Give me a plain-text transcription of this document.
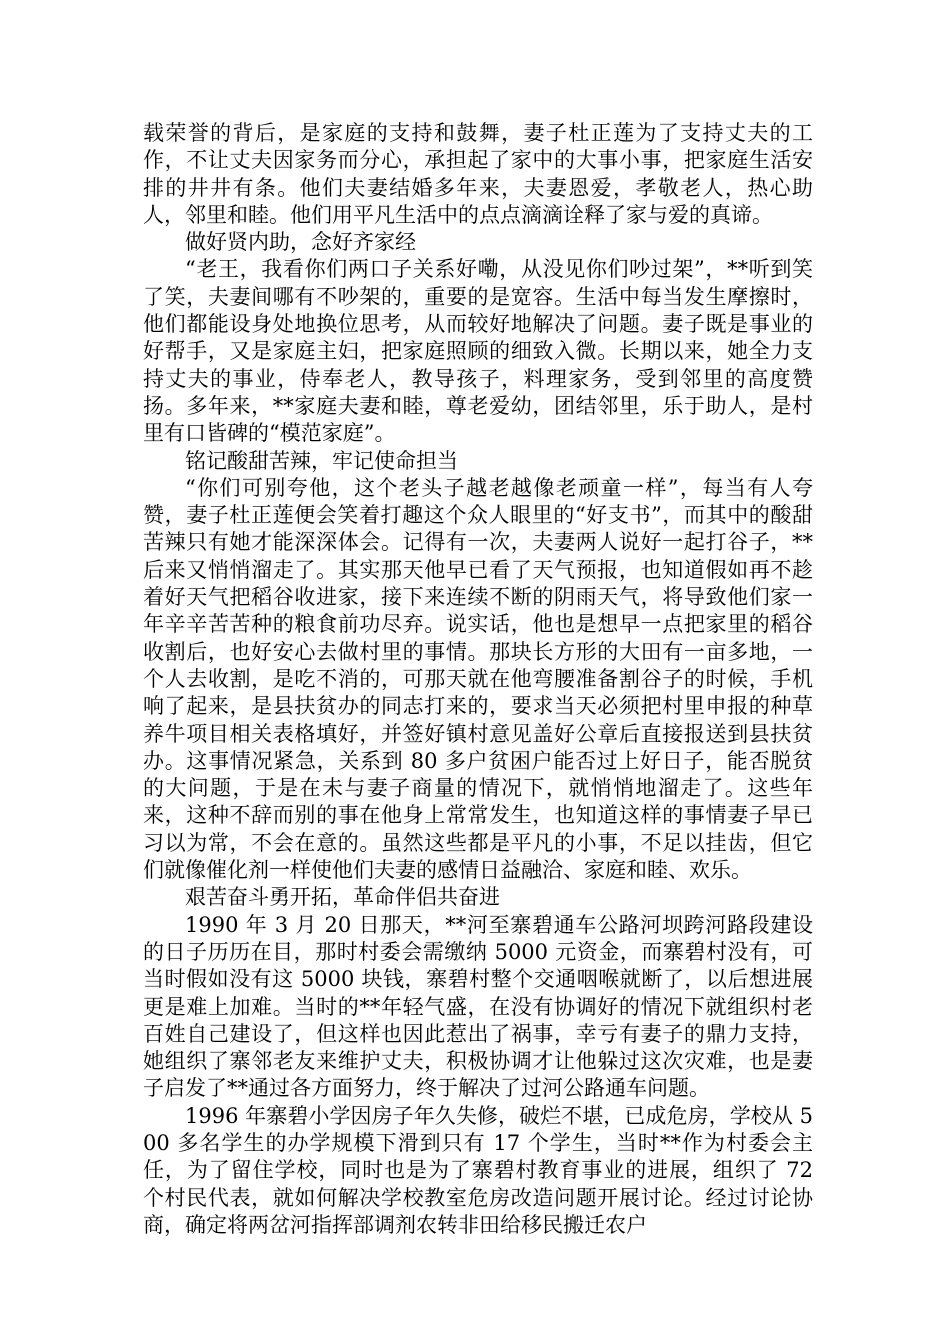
载荣誉的背后，是家庭的支持和鼓舞，妻子杜正莲为了支持丈夫的工作，不让丈夫因家务而分心，承担起了家中的大事小事，把家庭生活安排的井井有条。他们夫妻结婚多年来，夫妻恩爱，孝敬老人，热心助人，邻里和睦。他们用平凡生活中的点点滴滴诠释了家与爱的真谛。

做好贤内助，念好齐家经

“老王，我看你们两口子关系好嘞，从没见你们吵过架”，**听到笑了笑，夫妻间哪有不吵架的，重要的是宽容。生活中每当发生摩擦时，他们都能设身处地换位思考，从而较好地解决了问题。妻子既是事业的好帮手，又是家庭主妇，把家庭照顾的细致入微。长期以来，她全力支持丈夫的事业，侍奉老人，教导孩子，料理家务，受到邻里的高度赞扬。多年来，**家庭夫妻和睦，尊老爱幼，团结邻里，乐于助人，是村里有口皆碑的“模范家庭”。

铭记酸甜苦辣，牢记使命担当

“你们可别夸他，这个老头子越老越像老顽童一样”，每当有人夸赞，妻子杜正莲便会笑着打趣这个众人眼里的“好支书”，而其中的酸甜苦辣只有她才能深深体会。记得有一次，夫妻两人说好一起打谷子，**后来又悄悄溜走了。其实那天他早已看了天气预报，也知道假如再不趁着好天气把稻谷收进家，接下来连续不断的阴雨天气，将导致他们家一年辛辛苦苦种的粮食前功尽弃。说实话，他也是想早一点把家里的稻谷收割后，也好安心去做村里的事情。那块长方形的大田有一亩多地，一个人去收割，是吃不消的，可那天就在他弯腰准备割谷子的时候，手机响了起来，是县扶贫办的同志打来的，要求当天必须把村里申报的种草养牛项目相关表格填好，并签好镇村意见盖好公章后直接报送到县扶贫办。这事情况紧急，关系到 80 多户贫困户能否过上好日子，能否脱贫的大问题，于是在未与妻子商量的情况下，就悄悄地溜走了。这些年来，这种不辞而别的事在他身上常常发生，也知道这样的事情妻子早已习以为常，不会在意的。虽然这些都是平凡的小事，不足以挂齿，但它们就像催化剂一样使他们夫妻的感情日益融洽、家庭和睦、欢乐。

艰苦奋斗勇开拓，革命伴侣共奋进

1990 年 3 月 20 日那天，**河至寨碧通车公路河坝跨河路段建设的日子历历在目，那时村委会需缴纳 5000 元资金，而寨碧村没有，可当时假如没有这 5000 块钱，寨碧村整个交通咽喉就断了，以后想进展更是难上加难。当时的**年轻气盛，在没有协调好的情况下就组织村老百姓自己建设了，但这样也因此惹出了祸事，幸亏有妻子的鼎力支持，她组织了寨邻老友来维护丈夫，积极协调才让他躲过这次灾难，也是妻子启发了**通过各方面努力，终于解决了过河公路通车问题。

1996 年寨碧小学因房子年久失修，破烂不堪，已成危房，学校从 500 多名学生的办学规模下滑到只有 17 个学生，当时**作为村委会主任，为了留住学校，同时也是为了寨碧村教育事业的进展，组织了 72 个村民代表，就如何解决学校教室危房改造问题开展讨论。经过讨论协商，确定将两岔河指挥部调剂农转非田给移民搬迁农户
